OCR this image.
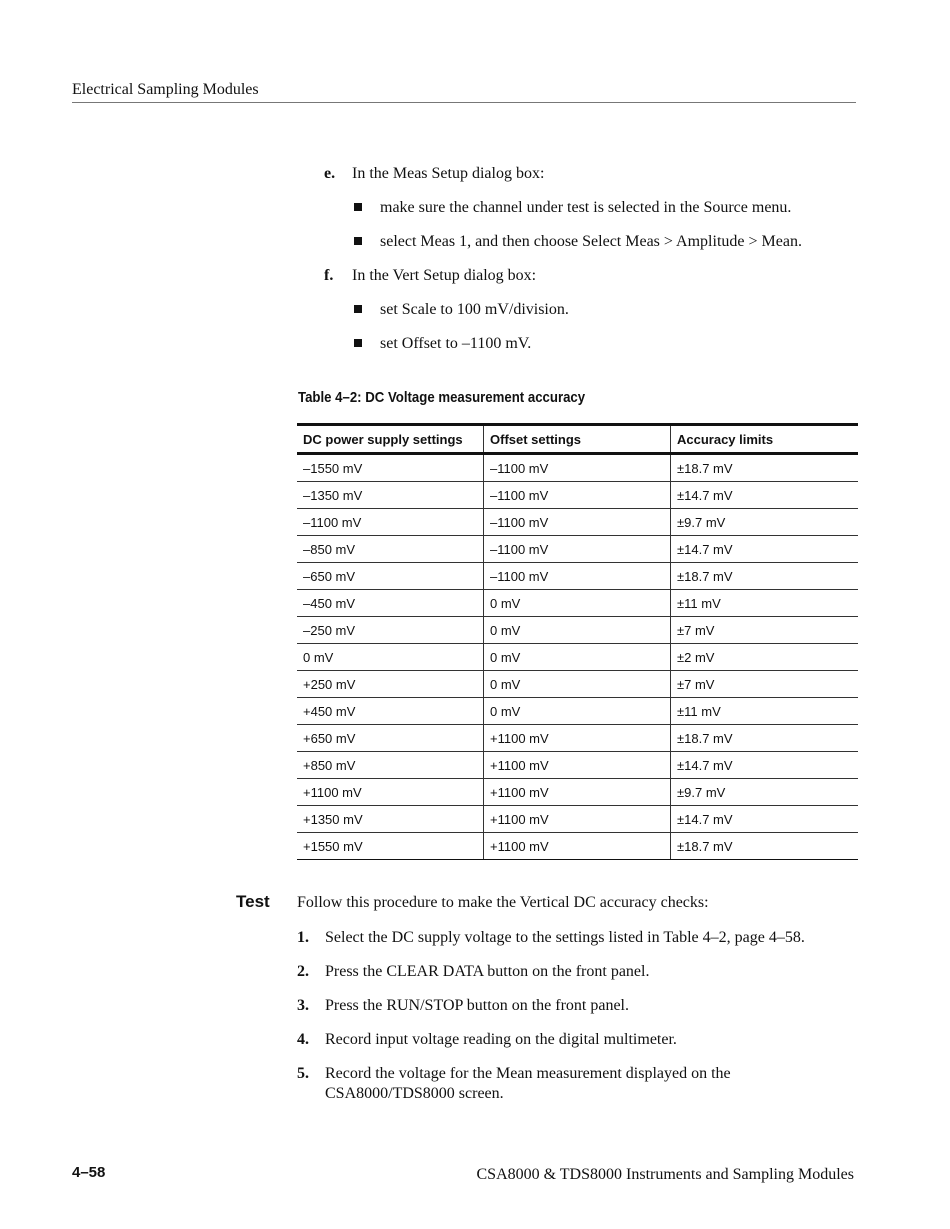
Electrical Sampling Modules
e. In the Meas Setup dialog box:
make sure the channel under test is selected in the Source menu.
select Meas 1, and then choose Select Meas > Amplitude > Mean.
f. In the Vert Setup dialog box:
set Scale to 100 mV/division.
set Offset to –1100 mV.
Table 4–2: DC Voltage measurement accuracy
DC power supply settings	Offset settings	Accuracy limits
–1550 mV	–1100 mV	±18.7 mV
–1350 mV	–1100 mV	±14.7 mV
–1100 mV	–1100 mV	±9.7 mV
–850 mV	–1100 mV	±14.7 mV
–650 mV	–1100 mV	±18.7 mV
–450 mV	0 mV	±11 mV
–250 mV	0 mV	±7 mV
0 mV	0 mV	±2 mV
+250 mV	0 mV	±7 mV
+450 mV	0 mV	±11 mV
+650 mV	+1100 mV	±18.7 mV
+850 mV	+1100 mV	±14.7 mV
+1100 mV	+1100 mV	±9.7 mV
+1350 mV	+1100 mV	±14.7 mV
+1550 mV	+1100 mV	±18.7 mV
Test Follow this procedure to make the Vertical DC accuracy checks:
1. Select the DC supply voltage to the settings listed in Table 4–2, page 4–58.
2. Press the CLEAR DATA button on the front panel.
3. Press the RUN/STOP button on the front panel.
4. Record input voltage reading on the digital multimeter.
5. Record the voltage for the Mean measurement displayed on the CSA8000/TDS8000 screen.
4–58	CSA8000 & TDS8000 Instruments and Sampling Modules
